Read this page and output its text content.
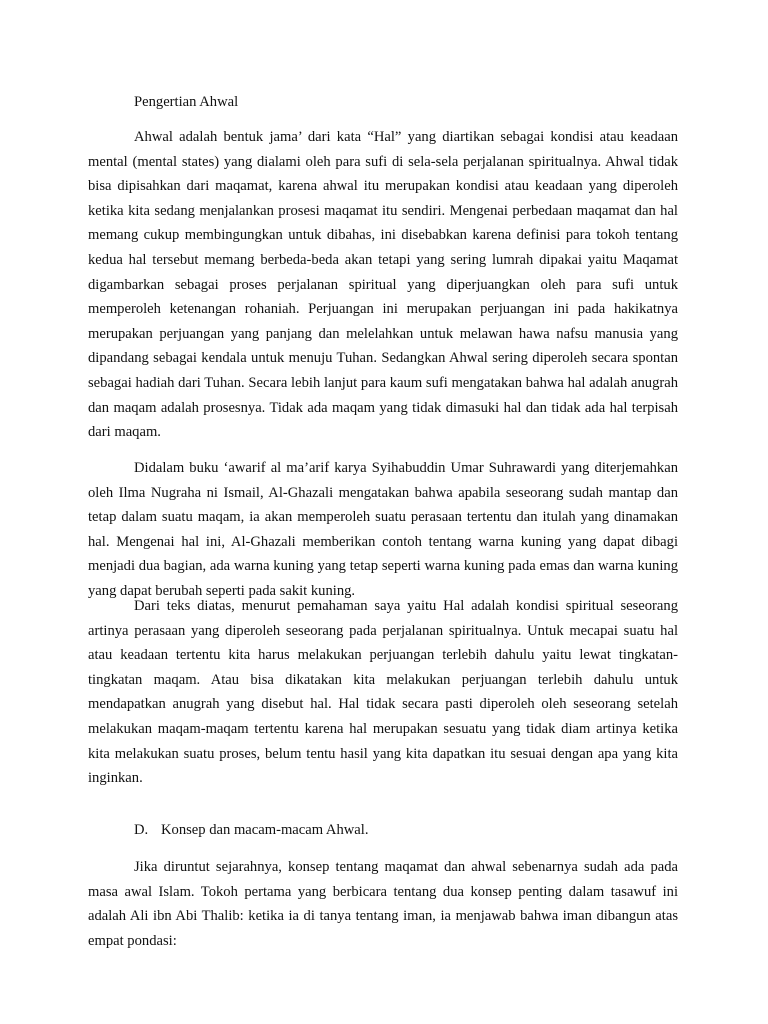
Pengertian Ahwal

Ahwal adalah bentuk jama’ dari kata “Hal” yang diartikan sebagai kondisi atau keadaan mental (mental states) yang dialami oleh para sufi di sela-sela perjalanan spiritualnya. Ahwal tidak bisa dipisahkan dari maqamat, karena ahwal itu merupakan kondisi atau keadaan yang diperoleh ketika kita sedang menjalankan prosesi maqamat itu sendiri. Mengenai perbedaan maqamat dan hal memang cukup membingungkan untuk dibahas, ini disebabkan karena definisi para tokoh tentang kedua hal tersebut memang berbeda-beda akan tetapi yang sering lumrah dipakai yaitu Maqamat digambarkan sebagai proses perjalanan spiritual yang diperjuangkan oleh para sufi untuk memperoleh ketenangan rohaniah. Perjuangan ini merupakan perjuangan ini pada hakikatnya merupakan perjuangan yang panjang dan melelahkan untuk melawan hawa nafsu manusia yang dipandang sebagai kendala untuk menuju Tuhan. Sedangkan Ahwal sering diperoleh secara spontan sebagai hadiah dari Tuhan. Secara lebih lanjut para kaum sufi mengatakan bahwa hal adalah anugrah dan maqam adalah prosesnya. Tidak ada maqam yang tidak dimasuki hal dan tidak ada hal terpisah dari maqam.

Didalam buku ‘awarif al ma’arif karya Syihabuddin Umar Suhrawardi yang diterjemahkan oleh Ilma Nugraha ni Ismail, Al-Ghazali mengatakan bahwa apabila seseorang sudah mantap dan tetap dalam suatu maqam, ia akan memperoleh suatu perasaan tertentu dan itulah yang dinamakan hal. Mengenai hal ini, Al-Ghazali memberikan contoh tentang warna kuning yang dapat dibagi menjadi dua bagian, ada warna kuning yang tetap seperti warna kuning pada emas dan warna kuning yang dapat berubah seperti pada sakit kuning.

Dari teks diatas, menurut pemahaman saya yaitu Hal adalah kondisi spiritual seseorang artinya perasaan yang diperoleh seseorang pada perjalanan spiritualnya. Untuk mecapai suatu hal atau keadaan tertentu kita harus melakukan perjuangan terlebih dahulu yaitu lewat tingkatan-tingkatan maqam. Atau bisa dikatakan kita melakukan perjuangan terlebih dahulu untuk mendapatkan anugrah yang disebut hal. Hal tidak secara pasti diperoleh oleh seseorang setelah melakukan maqam-maqam tertentu karena hal merupakan sesuatu yang tidak diam artinya ketika kita melakukan suatu proses, belum tentu hasil yang kita dapatkan itu sesuai dengan apa yang kita inginkan.

D. Konsep dan macam-macam Ahwal.

Jika diruntut sejarahnya, konsep tentang maqamat dan ahwal sebenarnya sudah ada pada masa awal Islam. Tokoh pertama yang berbicara tentang dua konsep penting dalam tasawuf ini adalah Ali ibn Abi Thalib: ketika ia di tanya tentang iman, ia menjawab bahwa iman dibangun atas empat pondasi:
